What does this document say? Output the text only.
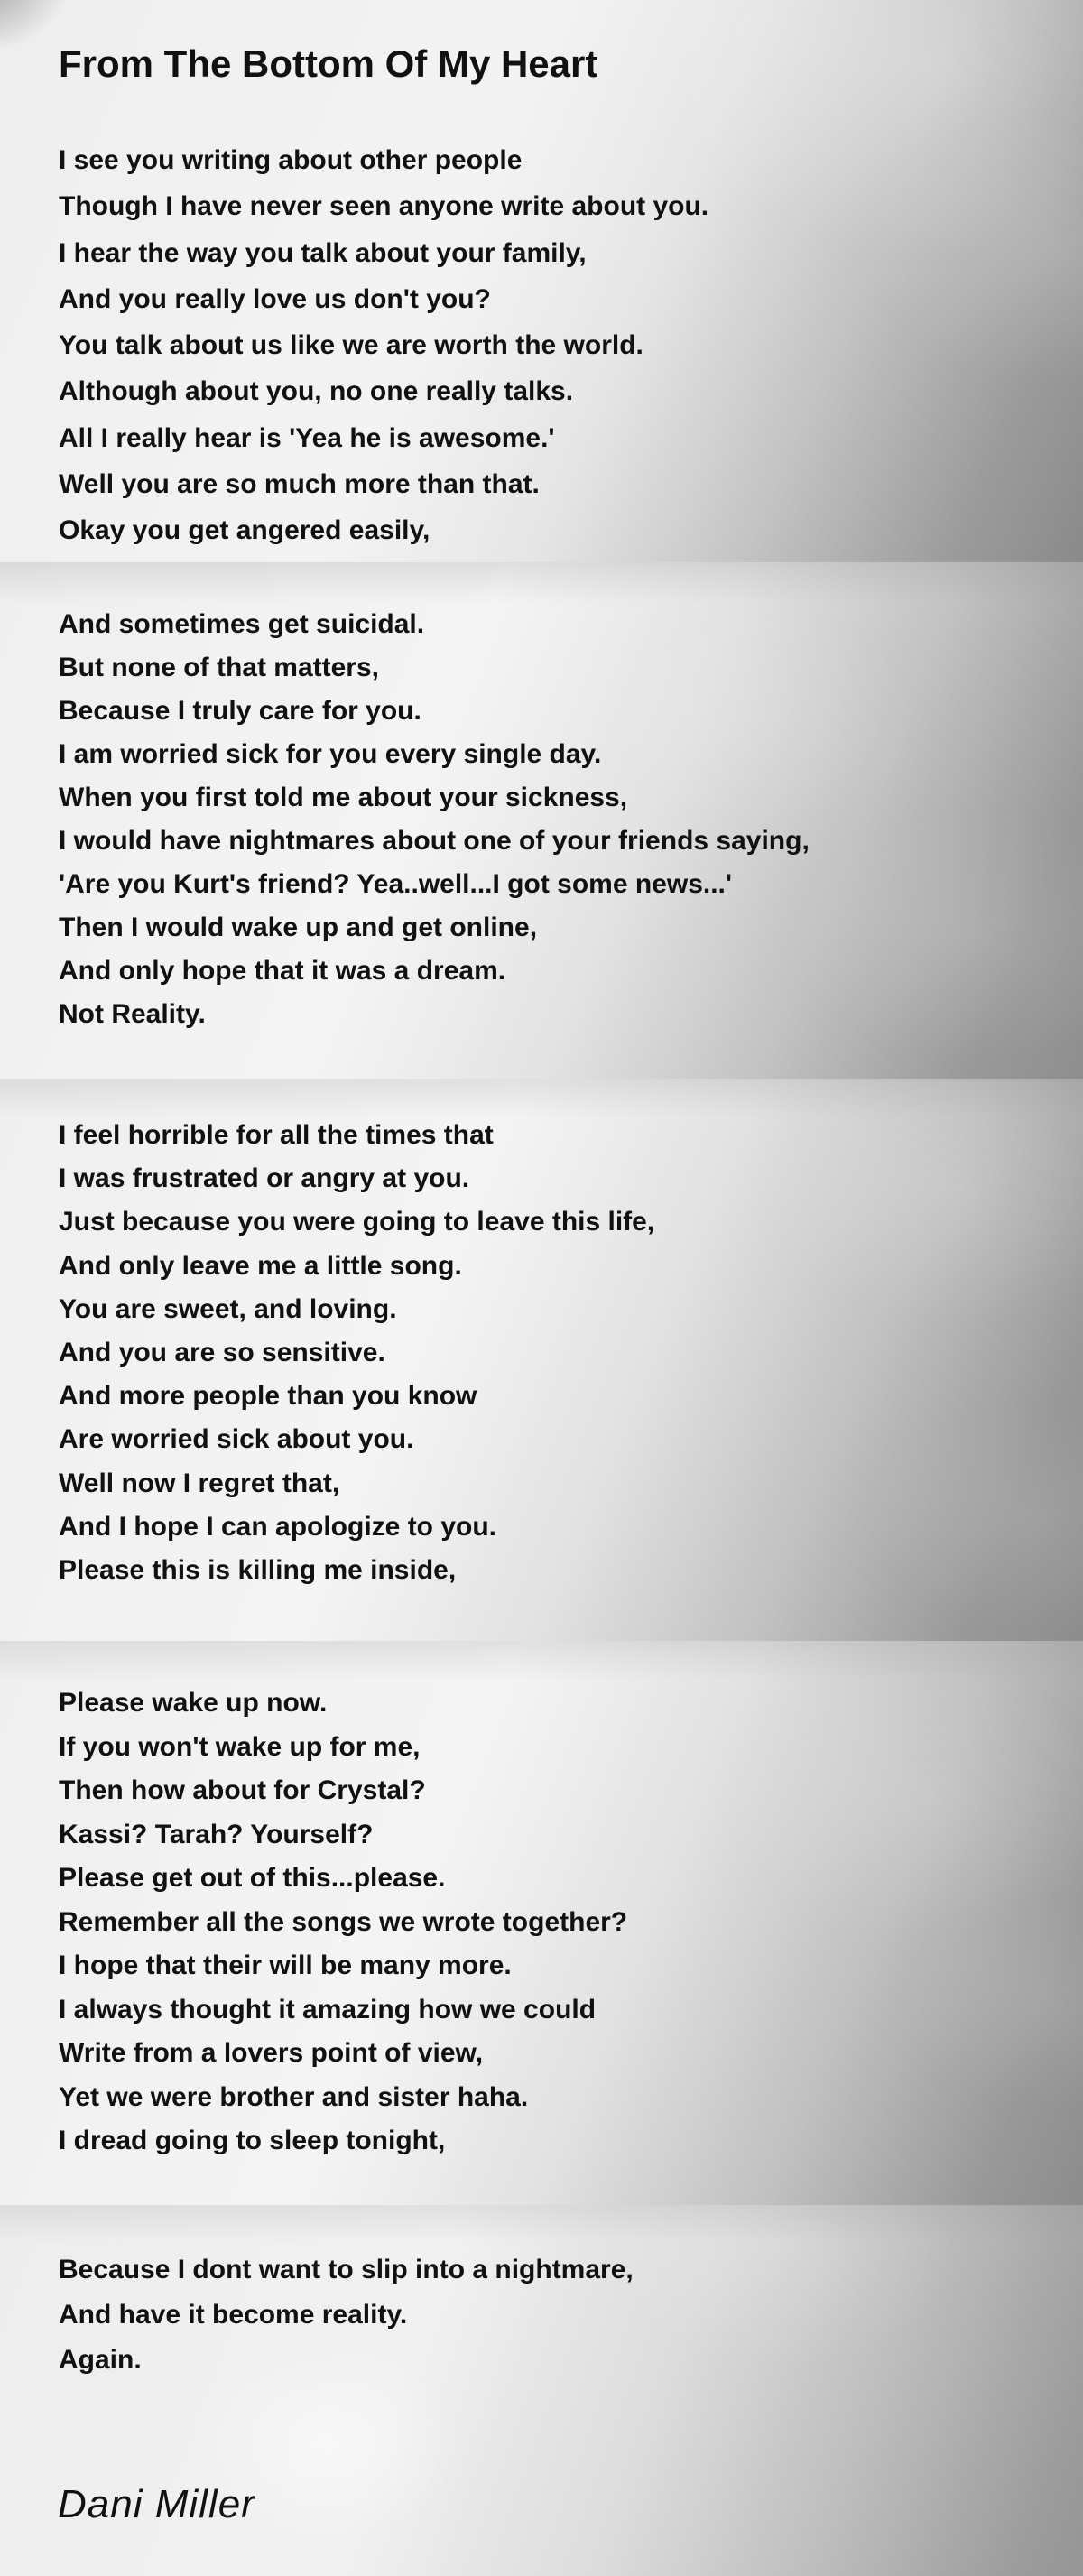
From The Bottom Of My Heart
I see you writing about other people
Though I have never seen anyone write about you.
I hear the way you talk about your family,
And you really love us don't you?
You talk about us like we are worth the world.
Although about you, no one really talks.
All I really hear is 'Yea he is awesome.'
Well you are so much more than that.
Okay you get angered easily,
And sometimes get suicidal.
But none of that matters,
Because I truly care for you.
I am worried sick for you every single day.
When you first told me about your sickness,
I would have nightmares about one of your friends saying,
'Are you Kurt's friend? Yea..well...I got some news...'
Then I would wake up and get online,
And only hope that it was a dream.
Not Reality.
I feel horrible for all the times that
I was frustrated or angry at you.
Just because you were going to leave this life,
And only leave me a little song.
You are sweet, and loving.
And you are so sensitive.
And more people than you know
Are worried sick about you.
Well now I regret that,
And I hope I can apologize to you.
Please this is killing me inside,
Please wake up now.
If you won't wake up for me,
Then how about for Crystal?
Kassi? Tarah? Yourself?
Please get out of this...please.
Remember all the songs we wrote together?
I hope that their will be many more.
I always thought it amazing how we could
Write from a lovers point of view,
Yet we were brother and sister haha.
I dread going to sleep tonight,
Because I dont want to slip into a nightmare,
And have it become reality.
Again.
Dani Miller
